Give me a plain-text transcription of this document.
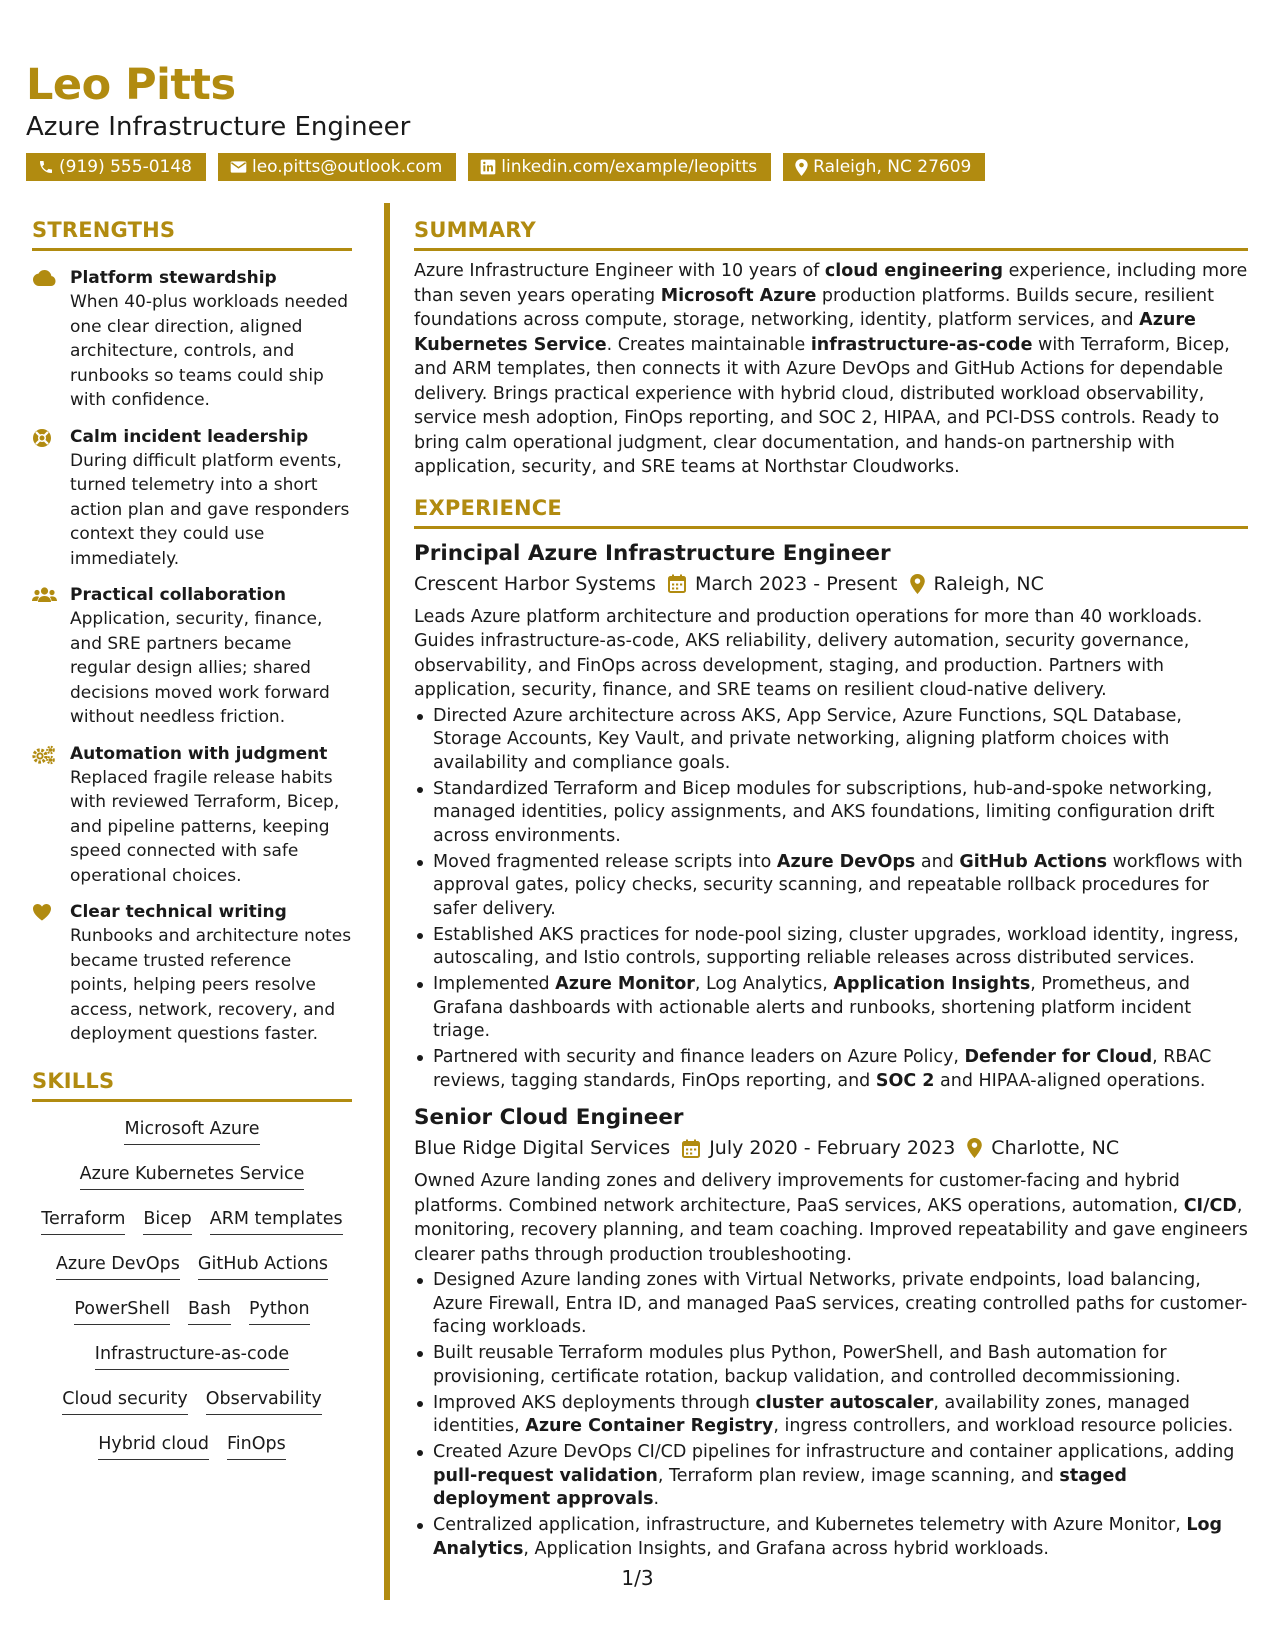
Leo Pitts
Azure Infrastructure Engineer
(919) 555-0148	leo.pitts@outlook.com	linkedin.com/example/leopitts	Raleigh, NC 27609
STRENGTHS
Platform stewardship
When 40-plus workloads needed one clear direction, aligned architecture, controls, and runbooks so teams could ship with confidence.
Calm incident leadership
During difficult platform events, turned telemetry into a short action plan and gave responders context they could use immediately.
Practical collaboration
Application, security, finance, and SRE partners became regular design allies; shared decisions moved work forward without needless friction.
Automation with judgment
Replaced fragile release habits with reviewed Terraform, Bicep, and pipeline patterns, keeping speed connected with safe operational choices.
Clear technical writing
Runbooks and architecture notes became trusted reference points, helping peers resolve access, network, recovery, and deployment questions faster.
SKILLS
Microsoft Azure
Azure Kubernetes Service
Terraform Bicep ARM templates
Azure DevOps GitHub Actions
PowerShell Bash Python
Infrastructure-as-code
Cloud security Observability
Hybrid cloud FinOps
SUMMARY

Azure Infrastructure Engineer with 10 years of cloud engineering experience, including more than seven years operating Microsoft Azure production platforms. Builds secure, resilient foundations across compute, storage, networking, identity, platform services, and Azure Kubernetes Service. Creates maintainable infrastructure-as-code with Terraform, Bicep, and ARM templates, then connects it with Azure DevOps and GitHub Actions for dependable delivery. Brings practical experience with hybrid cloud, distributed workload observability, service mesh adoption, FinOps reporting, and SOC 2, HIPAA, and PCI-DSS controls. Ready to bring calm operational judgment, clear documentation, and hands-on partnership with application, security, and SRE teams at Northstar Cloudworks.

EXPERIENCE
Principal Azure Infrastructure Engineer
Crescent Harbor Systems March 2023 - Present Raleigh, NC

Leads Azure platform architecture and production operations for more than 40 workloads. Guides infrastructure-as-code, AKS reliability, delivery automation, security governance, observability, and FinOps across development, staging, and production. Partners with application, security, finance, and SRE teams on resilient cloud-native delivery.

Directed Azure architecture across AKS, App Service, Azure Functions, SQL Database, Storage Accounts, Key Vault, and private networking, aligning platform choices with availability and compliance goals.
Standardized Terraform and Bicep modules for subscriptions, hub-and-spoke networking, managed identities, policy assignments, and AKS foundations, limiting configuration drift across environments.
Moved fragmented release scripts into Azure DevOps and GitHub Actions workflows with approval gates, policy checks, security scanning, and repeatable rollback procedures for safer delivery.
Established AKS practices for node-pool sizing, cluster upgrades, workload identity, ingress, autoscaling, and Istio controls, supporting reliable releases across distributed services.
Implemented Azure Monitor, Log Analytics, Application Insights, Prometheus, and Grafana dashboards with actionable alerts and runbooks, shortening platform incident triage.
Partnered with security and finance leaders on Azure Policy, Defender for Cloud, RBAC reviews, tagging standards, FinOps reporting, and SOC 2 and HIPAA-aligned operations.
Senior Cloud Engineer
Blue Ridge Digital Services July 2020 - February 2023 Charlotte, NC

Owned Azure landing zones and delivery improvements for customer-facing and hybrid platforms. Combined network architecture, PaaS services, AKS operations, automation, CI/CD, monitoring, recovery planning, and team coaching. Improved repeatability and gave engineers clearer paths through production troubleshooting.

Designed Azure landing zones with Virtual Networks, private endpoints, load balancing, Azure Firewall, Entra ID, and managed PaaS services, creating controlled paths for customer-facing workloads.
Built reusable Terraform modules plus Python, PowerShell, and Bash automation for provisioning, certificate rotation, backup validation, and controlled decommissioning.
Improved AKS deployments through cluster autoscaler, availability zones, managed identities, Azure Container Registry, ingress controllers, and workload resource policies.
Created Azure DevOps CI/CD pipelines for infrastructure and container applications, adding pull-request validation, Terraform plan review, image scanning, and staged deployment approvals.
Centralized application, infrastructure, and Kubernetes telemetry with Azure Monitor, Log Analytics, Application Insights, and Grafana across hybrid workloads.
1/3
